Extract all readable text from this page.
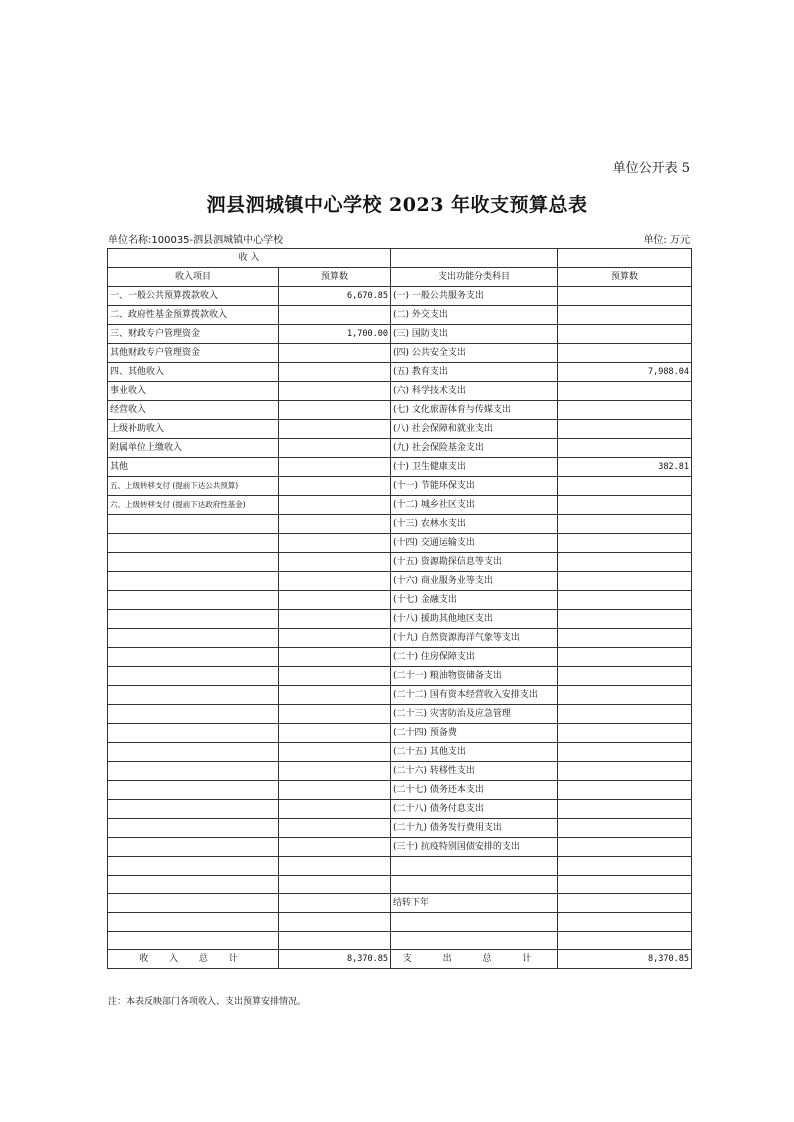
单位公开表 5
泗县泗城镇中心学校 2023 年收支预算总表
单位名称:100035-泗县泗城镇中心学校	单位: 万元
收 入			
收入项目	预算数	支出功能分类科目	预算数
一、一般公共预算拨款收入	6,670.85	(一) 一般公共服务支出	
二、政府性基金预算拨款收入		(二) 外交支出	
三、财政专户管理资金	1,700.00	(三) 国防支出	
其他财政专户管理资金		(四) 公共安全支出	
四、其他收入		(五) 教育支出	7,988.04
事业收入		(六) 科学技术支出	
经营收入		(七) 文化旅游体育与传媒支出	
上级补助收入		(八) 社会保障和就业支出	
附属单位上缴收入		(九) 社会保险基金支出	
其他		(十) 卫生健康支出	382.81
五、上级转移支付 (提前下达公共预算)		(十一) 节能环保支出	
六、上级转移支付 (提前下达政府性基金)		(十二) 城乡社区支出	
		(十三) 农林水支出	
		(十四) 交通运输支出	
		(十五) 资源勘探信息等支出	
		(十六) 商业服务业等支出	
		(十七) 金融支出	
		(十八) 援助其他地区支出	
		(十九) 自然资源海洋气象等支出	
		(二十) 住房保障支出	
		(二十一) 粮油物资储备支出	
		(二十二) 国有资本经营收入安排支出	
		(二十三) 灾害防治及应急管理	
		(二十四) 预备费	
		(二十五) 其他支出	
		(二十六) 转移性支出	
		(二十七) 债务还本支出	
		(二十八) 债务付息支出	
		(二十九) 债务发行费用支出	
		(三十) 抗疫特别国债安排的支出	

		结转下年	

收 入 总 计	8,370.85	支 出 总 计	8,370.85
注：本表反映部门各项收入、支出预算安排情况。
